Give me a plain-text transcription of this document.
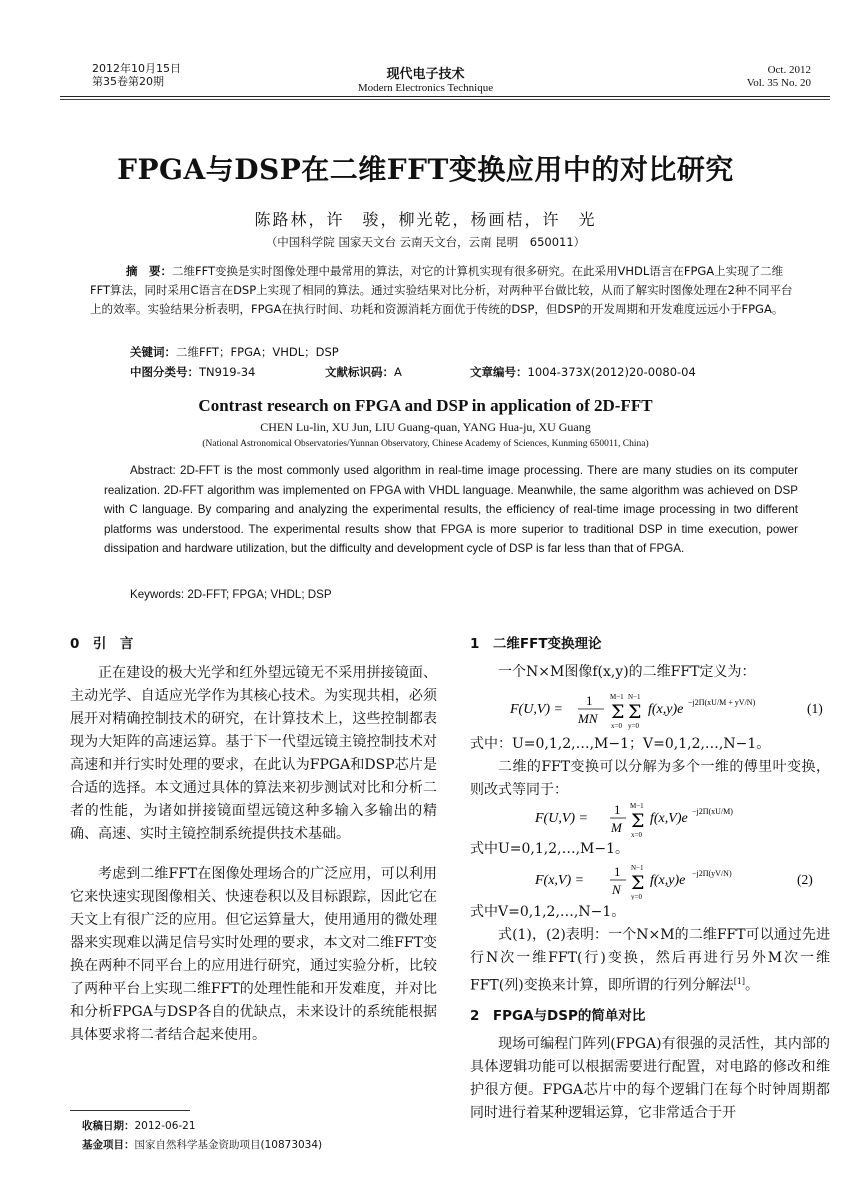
2012年10月15日
第35卷第20期	现代电子技术
Modern Electronics Technique
Oct. 2012
Vol. 35 No. 20
FPGA与DSP在二维FFT变换应用中的对比研究
陈路林，许　骏，柳光乾，杨画桔，许　光
（中国科学院 国家天文台 云南天文台，云南 昆明　650011）
摘　要：二维FFT变换是实时图像处理中最常用的算法，对它的计算机实现有很多研究。在此采用VHDL语言在FPGA上实现了二维FFT算法，同时采用C语言在DSP上实现了相同的算法。通过实验结果对比分析，对两种平台做比较，从而了解实时图像处理在2种不同平台上的效率。实验结果分析表明，FPGA在执行时间、功耗和资源消耗方面优于传统的DSP，但DSP的开发周期和开发难度远远小于FPGA。
关键词：二维FFT；FPGA；VHDL；DSP
中图分类号：TN919-34	文献标识码：A	文章编号：1004-373X(2012)20-0080-04
Contrast research on FPGA and DSP in application of 2D-FFT
CHEN Lu-lin, XU Jun, LIU Guang-quan, YANG Hua-ju, XU Guang
(National Astronomical Observatories/Yunnan Observatory, Chinese Academy of Sciences, Kunming 650011, China)
Abstract: 2D-FFT is the most commonly used algorithm in real-time image processing. There are many studies on its computer realization. 2D-FFT algorithm was implemented on FPGA with VHDL language. Meanwhile, the same algorithm was achieved on DSP with C language. By comparing and analyzing the experimental results, the efficiency of real-time image processing in two different platforms was understood. The experimental results show that FPGA is more superior to traditional DSP in time execution, power dissipation and hardware utilization, but the difficulty and development cycle of DSP is far less than that of FPGA.
Keywords: 2D-FFT; FPGA; VHDL; DSP
0　引　言
正在建设的极大光学和红外望远镜无不采用拼接镜面、主动光学、自适应光学作为其核心技术。为实现共相，必须展开对精确控制技术的研究，在计算技术上，这些控制都表现为大矩阵的高速运算。基于下一代望远镜主镜控制技术对高速和并行实时处理的要求，在此认为FPGA和DSP芯片是合适的选择。本文通过具体的算法来初步测试对比和分析二者的性能，为诸如拼接镜面望远镜这种多输入多输出的精确、高速、实时主镜控制系统提供技术基础。
考虑到二维FFT在图像处理场合的广泛应用，可以利用它来快速实现图像相关、快速卷积以及目标跟踪，因此它在天文上有很广泛的应用。但它运算量大，使用通用的微处理器来实现难以满足信号实时处理的要求，本文对二维FFT变换在两种不同平台上的应用进行研究，通过实验分析，比较了两种平台上实现二维FFT的处理性能和开发难度，并对比和分析FPGA与DSP各自的优缺点，未来设计的系统能根据具体要求将二者结合起来使用。
收稿日期：2012-06-21
基金项目：国家自然科学基金资助项目(10873034)
1　二维FFT变换理论
一个N×M图像f(x,y)的二维FFT定义为：
F(U,V) =
1
MN
M−1
Σ
x=0
N−1
Σ
y=0
f(x,y)e −j2Π(xU/M + yV/N)	(1)
式中：U=0,1,2,…,M−1；V=0,1,2,…,N−1。
二维的FFT变换可以分解为多个一维的傅里叶变换，则改式等同于：
F(U,V) =
1
M
M−1
Σ
x=0
f(x,V)e −j2Π(xU/M)
式中U=0,1,2,…,M−1。
F(x,V) =
1
N
N−1
Σ
y=0
f(x,y)e −j2Π(yV/N)	(2)
式中V=0,1,2,…,N−1。
式(1)，(2)表明：一个N×M的二维FFT可以通过先进行N次一维FFT(行)变换，然后再进行另外M次一维FFT(列)变换来计算，即所谓的行列分解法[1]。
2　FPGA与DSP的简单对比
现场可编程门阵列(FPGA)有很强的灵活性，其内部的具体逻辑功能可以根据需要进行配置，对电路的修改和维护很方便。FPGA芯片中的每个逻辑门在每个时钟周期都同时进行着某种逻辑运算，它非常适合于开
